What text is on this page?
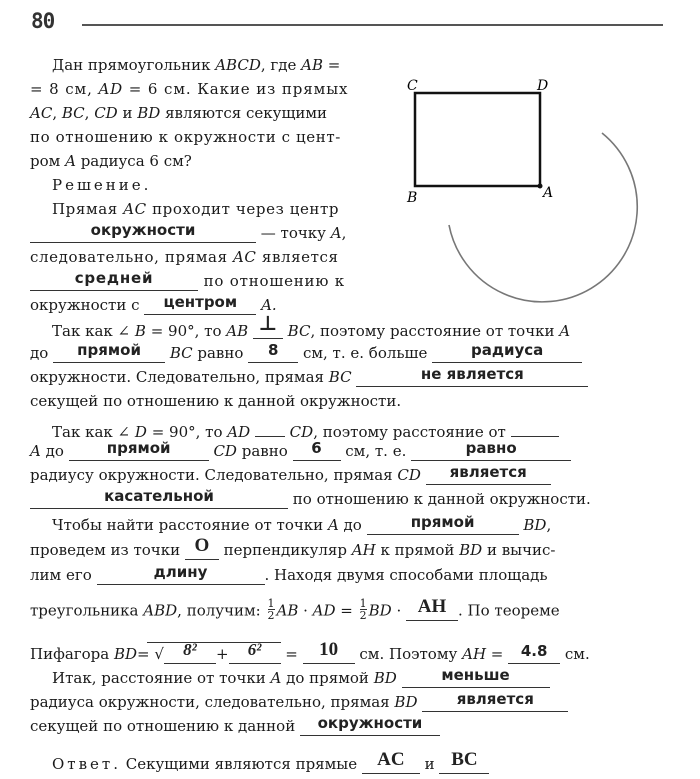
80
Дан прямоугольник ABCD, где AB =
= 8 см, AD = 6 см. Какие из прямых
AC, BC, CD и BD являются секущими
по отношению к окружности с цент-
ром A радиуса 6 см?
Решение.
Прямая AC проходит через центр
окружности	— точку A,
следовательно, прямая AC является
средней	по отношению к
окружности с центром A.
C	D
B	A
Так как ∠ B = 90°, то AB ⊥ BC, поэтому расстояние от точки A
до прямой BC равно 8 см, т. е. больше	радиуса
окружности. Следовательно, прямая BC	не является
секущей по отношению к данной окружности.
Так как ∠ D = 90°, то AD	CD, поэтому расстояние от
A до	прямой	CD равно 6 см, т. е.	равно
радиусу окружности. Следовательно, прямая CD является
касательной	по отношению к данной окружности.
Чтобы найти расстояние от точки A до	прямой	BD,
проведем из точки O перпендикуляр AH к прямой BD и вычис-
лим его	длину	. Находя двумя способами площадь
треугольника ABD, получим: $\frac{1}{2}$ AB · AD = $\frac{1}{2}$ BD · AH . По теореме
Пифагора BD
= √ 8² + 6² = 10 см. Поэтому AH = 4.8 см.
Итак, расстояние от точки A до прямой BD	меньше
радиуса окружности, следовательно, прямая BD	является
секущей по отношению к данной окружности
Ответ. Секущими являются прямые AC и BC
